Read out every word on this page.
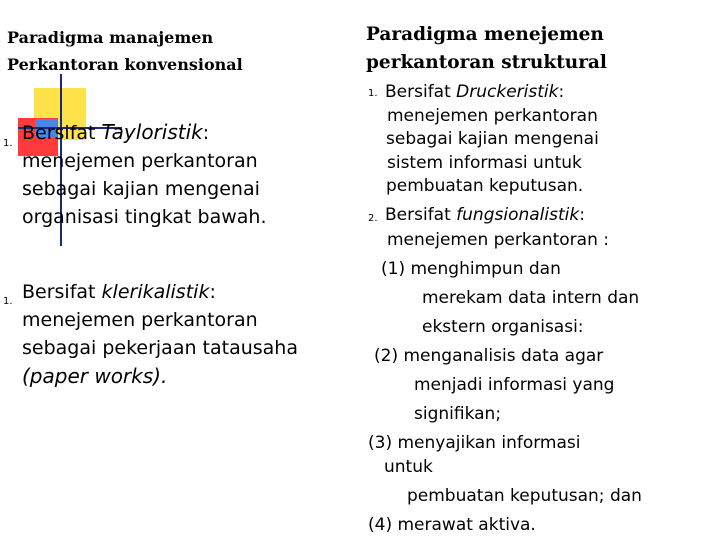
Paradigma manajemen
Perkantoran konvensional
1. Bersifat Tayloristik:
menejemen perkantoran
sebagai kajian mengenai
organisasi tingkat bawah.
1. Bersifat klerikalistik:
menejemen perkantoran
sebagai pekerjaan tatausaha
(paper works).
Paradigma menejemen
perkantoran struktural
1. Bersifat Druckeristik:
menejemen perkantoran
sebagai kajian mengenai
sistem informasi untuk
pembuatan keputusan.
2. Bersifat fungsionalistik:
menejemen perkantoran :
(1) menghimpun dan
merekam data intern dan
ekstern organisasi:
(2) menganalisis data agar
menjadi informasi yang
signifikan;
(3) menyajikan informasi
untuk
pembuatan keputusan; dan
(4) merawat aktiva.
